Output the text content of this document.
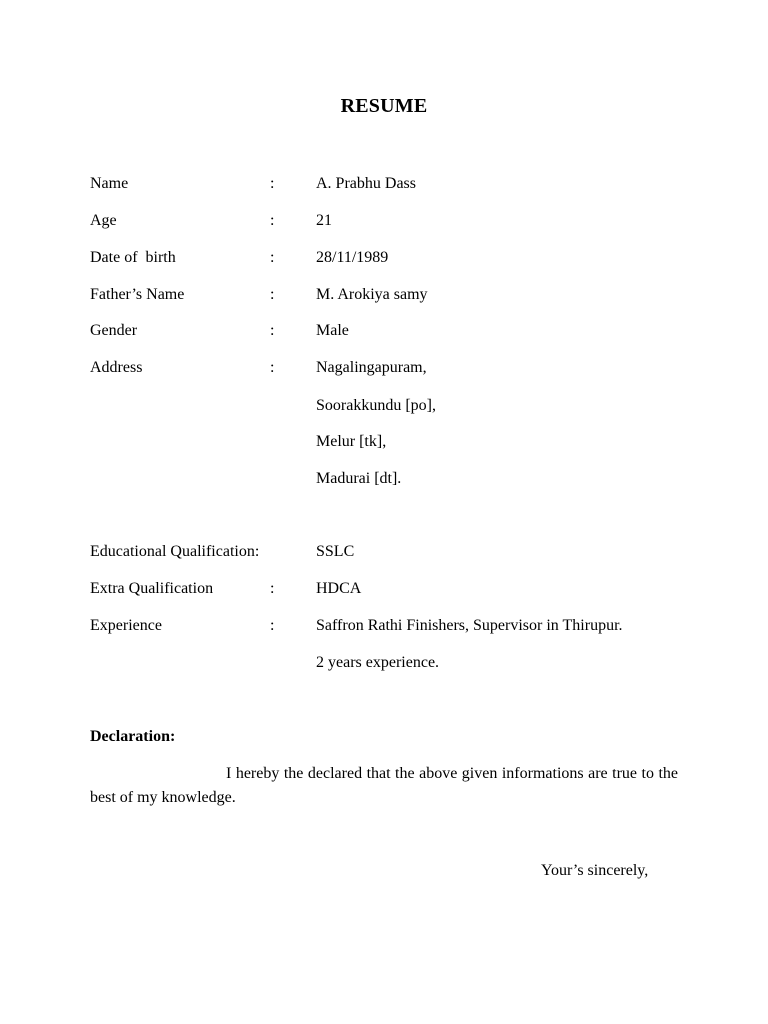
RESUME
Name	:	A. Prabhu Dass
Age	:	21
Date of  birth	:	28/11/1989
Father’s Name	:	M. Arokiya samy
Gender	:	Male
Address	:	Nagalingapuram,
Soorakkundu [po],
Melur [tk],
Madurai [dt].
Educational Qualification:	SSLC
Extra Qualification	:	HDCA
Experience	:	Saffron Rathi Finishers, Supervisor in Thirupur.
2 years experience.
Declaration:
I hereby the declared that the above given informations are true to the best of my knowledge.
Your’s sincerely,
